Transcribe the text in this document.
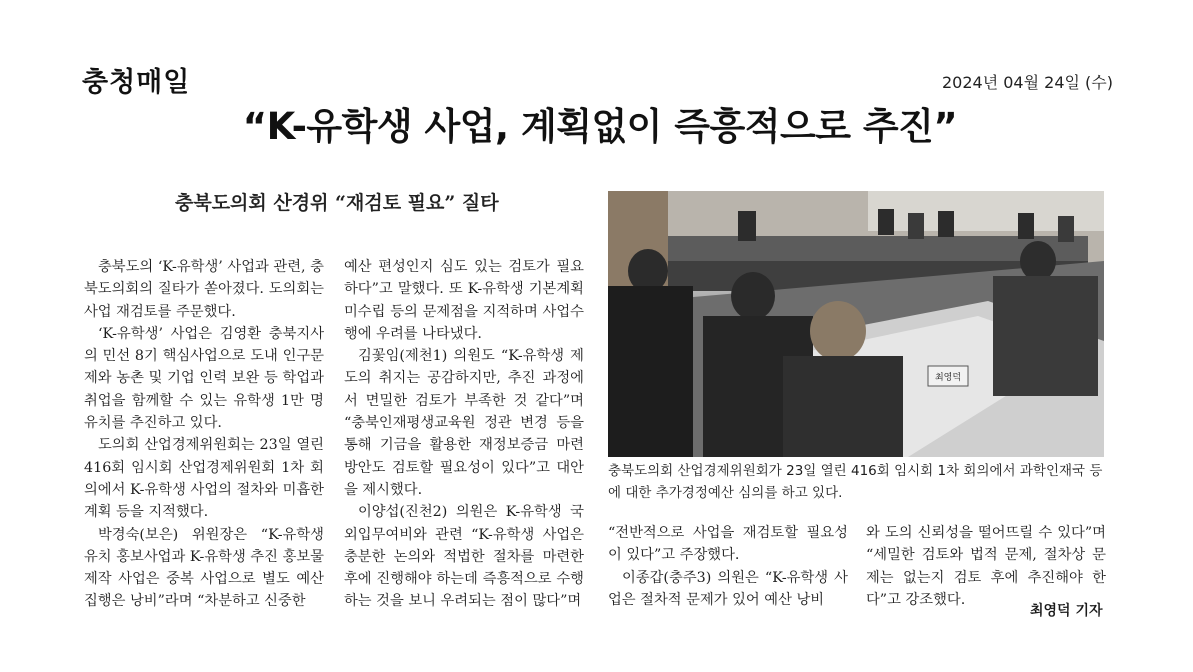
충청매일	2024년 04월 24일 (수)
“K-유학생 사업, 계획없이 즉흥적으로 추진”
충북도의회 산경위 “재검토 필요” 질타

충북도의 ‘K-유학생’ 사업과 관련, 충북도의회의 질타가 쏟아졌다. 도의회는 사업 재검토를 주문했다.

‘K-유학생’ 사업은 김영환 충북지사의 민선 8기 핵심사업으로 도내 인구문제와 농촌 및 기업 인력 보완 등 학업과 취업을 함께할 수 있는 유학생 1만 명 유치를 추진하고 있다.

도의회 산업경제위원회는 23일 열린 416회 임시회 산업경제위원회 1차 회의에서 K-유학생 사업의 절차와 미흡한 계획 등을 지적했다.

박경숙(보은) 위원장은 “K-유학생 유치 홍보사업과 K-유학생 추진 홍보물 제작 사업은 중복 사업으로 별도 예산 집행은 낭비”라며 “차분하고 신중한

예산 편성인지 심도 있는 검토가 필요하다”고 말했다. 또 K-유학생 기본계획 미수립 등의 문제점을 지적하며 사업수행에 우려를 나타냈다.

김꽃임(제천1) 의원도 “K-유학생 제도의 취지는 공감하지만, 추진 과정에서 면밀한 검토가 부족한 것 같다”며 “충북인재평생교육원 정관 변경 등을 통해 기금을 활용한 재정보증금 마련 방안도 검토할 필요성이 있다”고 대안을 제시했다.

이양섭(진천2) 의원은 K-유학생 국외입무여비와 관련 “K-유학생 사업은 충분한 논의와 적법한 절차를 마련한 후에 진행해야 하는데 즉흥적으로 수행하는 것을 보니 우려되는 점이 많다”며

최영덕
충북도의회 산업경제위원회가 23일 열린 416회 임시회 1차 회의에서 과학인재국 등에 대한 추가경정예산 심의를 하고 있다.

“전반적으로 사업을 재검토할 필요성이 있다”고 주장했다.

이종갑(충주3) 의원은 “K-유학생 사업은 절차적 문제가 있어 예산 낭비

와 도의 신뢰성을 떨어뜨릴 수 있다”며 “세밀한 검토와 법적 문제, 절차상 문제는 없는지 검토 후에 추진해야 한다”고 강조했다.

최영덕 기자
